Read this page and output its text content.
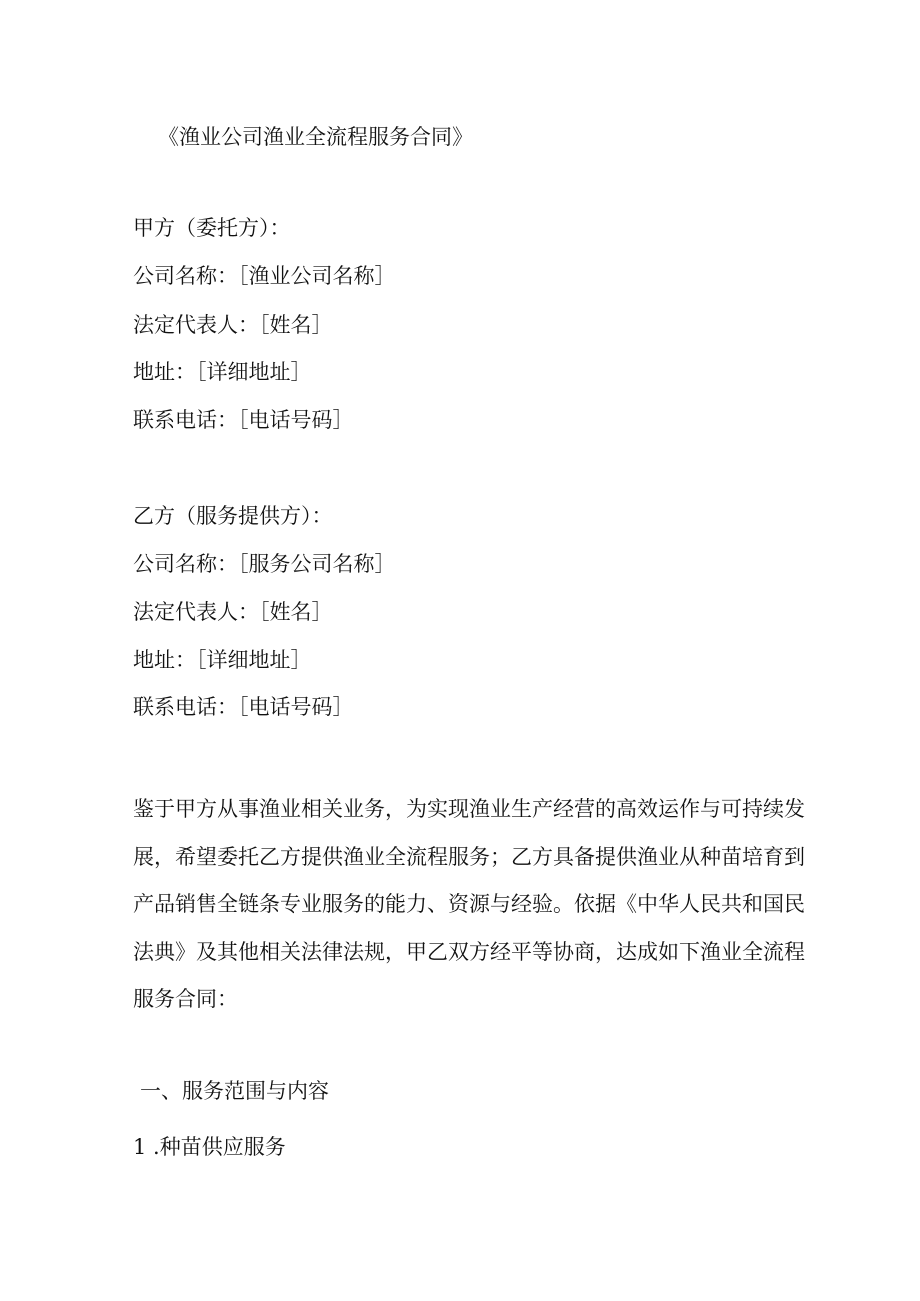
《渔业公司渔业全流程服务合同》
甲方（委托方）：
公司名称：［渔业公司名称］
法定代表人：［姓名］
地址：［详细地址］
联系电话：［电话号码］
乙方（服务提供方）：
公司名称：［服务公司名称］
法定代表人：［姓名］
地址：［详细地址］
联系电话：［电话号码］

鉴于甲方从事渔业相关业务，为实现渔业生产经营的高效运作与可持续发
展，希望委托乙方提供渔业全流程服务；乙方具备提供渔业从种苗培育到
产品销售全链条专业服务的能力、资源与经验。依据《中华人民共和国民
法典》及其他相关法律法规，甲乙双方经平等协商，达成如下渔业全流程
服务合同：

一、服务范围与内容
1 .种苗供应服务
